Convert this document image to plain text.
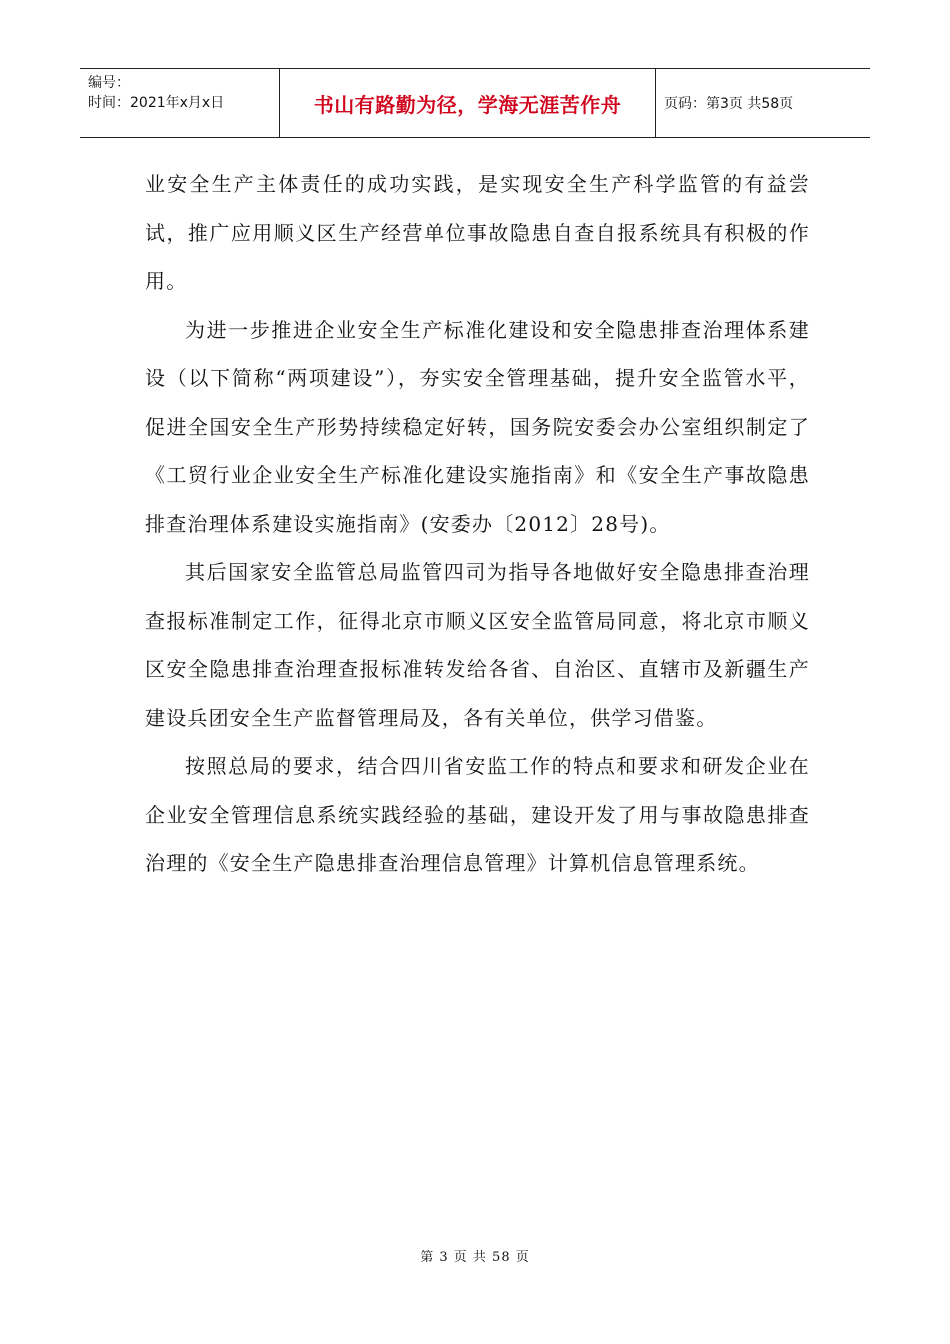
编号：
时间：2021年x月x日	书山有路勤为径，学海无涯苦作舟	页码：第3页 共58页

业安全生产主体责任的成功实践，是实现安全生产科学监管的有益尝试，推广应用顺义区生产经营单位事故隐患自查自报系统具有积极的作用。

为进一步推进企业安全生产标准化建设和安全隐患排查治理体系建设（以下简称“两项建设”），夯实安全管理基础，提升安全监管水平，促进全国安全生产形势持续稳定好转，国务院安委会办公室组织制定了《工贸行业企业安全生产标准化建设实施指南》和《安全生产事故隐患排查治理体系建设实施指南》(安委办〔2012〕28号)。

其后国家安全监管总局监管四司为指导各地做好安全隐患排查治理查报标准制定工作，征得北京市顺义区安全监管局同意，将北京市顺义区安全隐患排查治理查报标准转发给各省、自治区、直辖市及新疆生产建设兵团安全生产监督管理局及，各有关单位，供学习借鉴。

按照总局的要求，结合四川省安监工作的特点和要求和研发企业在企业安全管理信息系统实践经验的基础，建设开发了用与事故隐患排查治理的《安全生产隐患排查治理信息管理》计算机信息管理系统。

第 3 页 共 58 页
